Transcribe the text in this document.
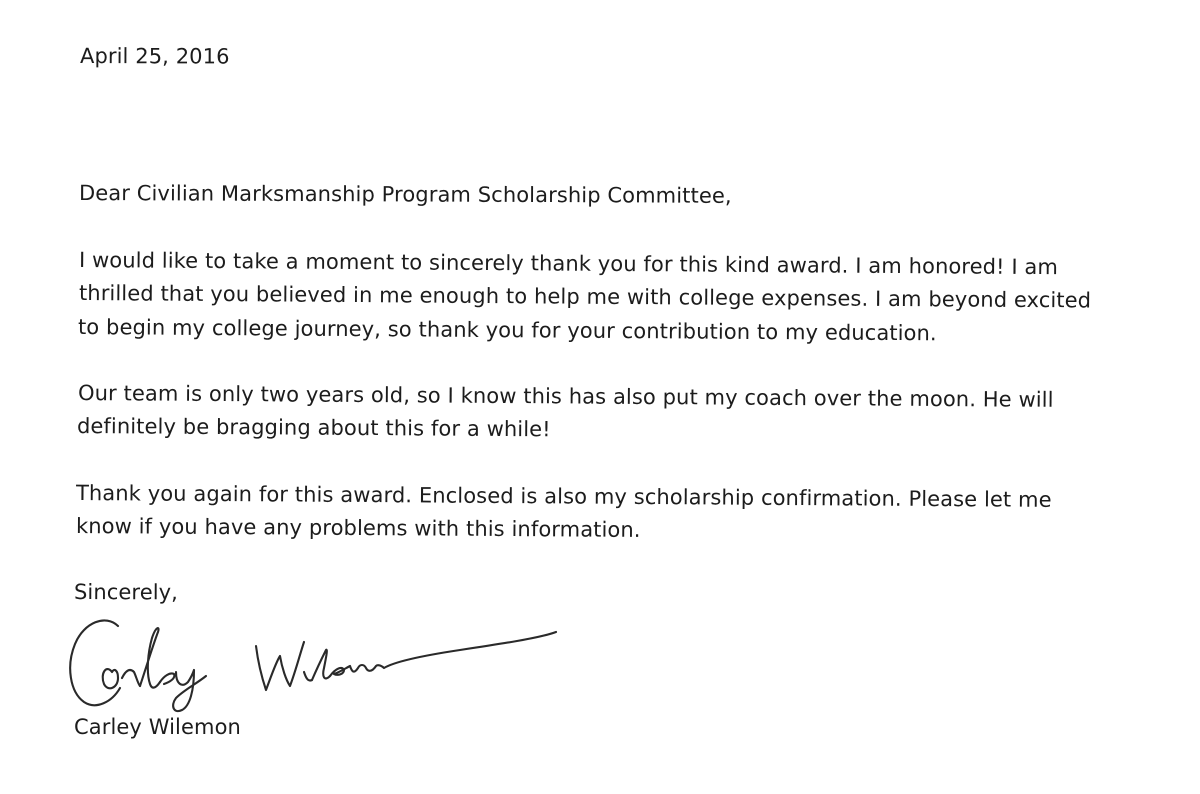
April 25, 2016
Dear Civilian Marksmanship Program Scholarship Committee,
I would like to take a moment to sincerely thank you for this kind award. I am honored! I am
thrilled that you believed in me enough to help me with college expenses. I am beyond excited
to begin my college journey, so thank you for your contribution to my education.
Our team is only two years old, so I know this has also put my coach over the moon. He will
definitely be bragging about this for a while!
Thank you again for this award. Enclosed is also my scholarship confirmation. Please let me
know if you have any problems with this information.
Sincerely,
Carley Wilemon
